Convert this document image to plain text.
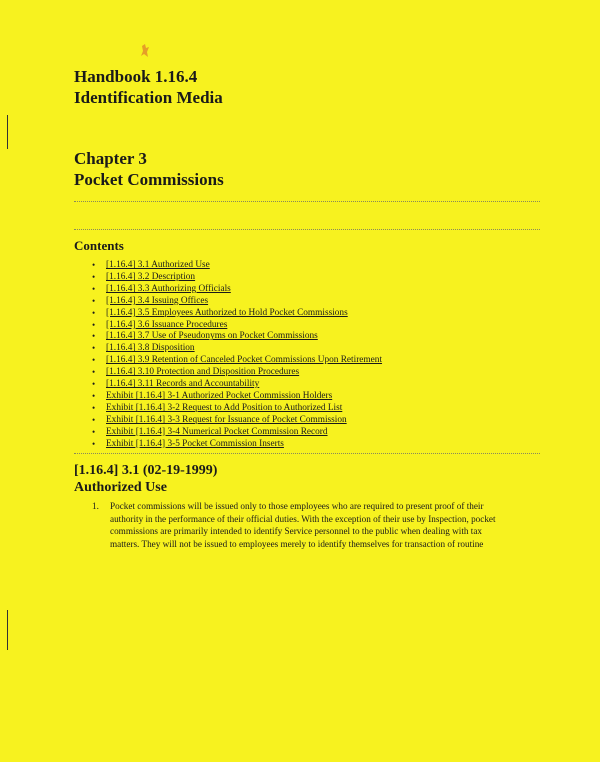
Handbook 1.16.4
Identification Media
Chapter 3
Pocket Commissions
Contents
• [1.16.4] 3.1 Authorized Use
• [1.16.4] 3.2 Description
• [1.16.4] 3.3 Authorizing Officials
• [1.16.4] 3.4 Issuing Offices
• [1.16.4] 3.5 Employees Authorized to Hold Pocket Commissions
• [1.16.4] 3.6 Issuance Procedures
• [1.16.4] 3.7 Use of Pseudonyms on Pocket Commissions
• [1.16.4] 3.8 Disposition
• [1.16.4] 3.9 Retention of Canceled Pocket Commissions Upon Retirement
• [1.16.4] 3.10 Protection and Disposition Procedures
• [1.16.4] 3.11 Records and Accountability
• Exhibit [1.16.4] 3-1 Authorized Pocket Commission Holders
• Exhibit [1.16.4] 3-2 Request to Add Position to Authorized List
• Exhibit [1.16.4] 3-3 Request for Issuance of Pocket Commission
• Exhibit [1.16.4] 3-4 Numerical Pocket Commission Record
• Exhibit [1.16.4] 3-5 Pocket Commission Inserts
[1.16.4] 3.1 (02-19-1999)
Authorized Use
1. Pocket commissions will be issued only to those employees who are required to present proof of their
authority in the performance of their official duties. With the exception of their use by Inspection, pocket
commissions are primarily intended to identify Service personnel to the public when dealing with tax
matters. They will not be issued to employees merely to identify themselves for transaction of routine
